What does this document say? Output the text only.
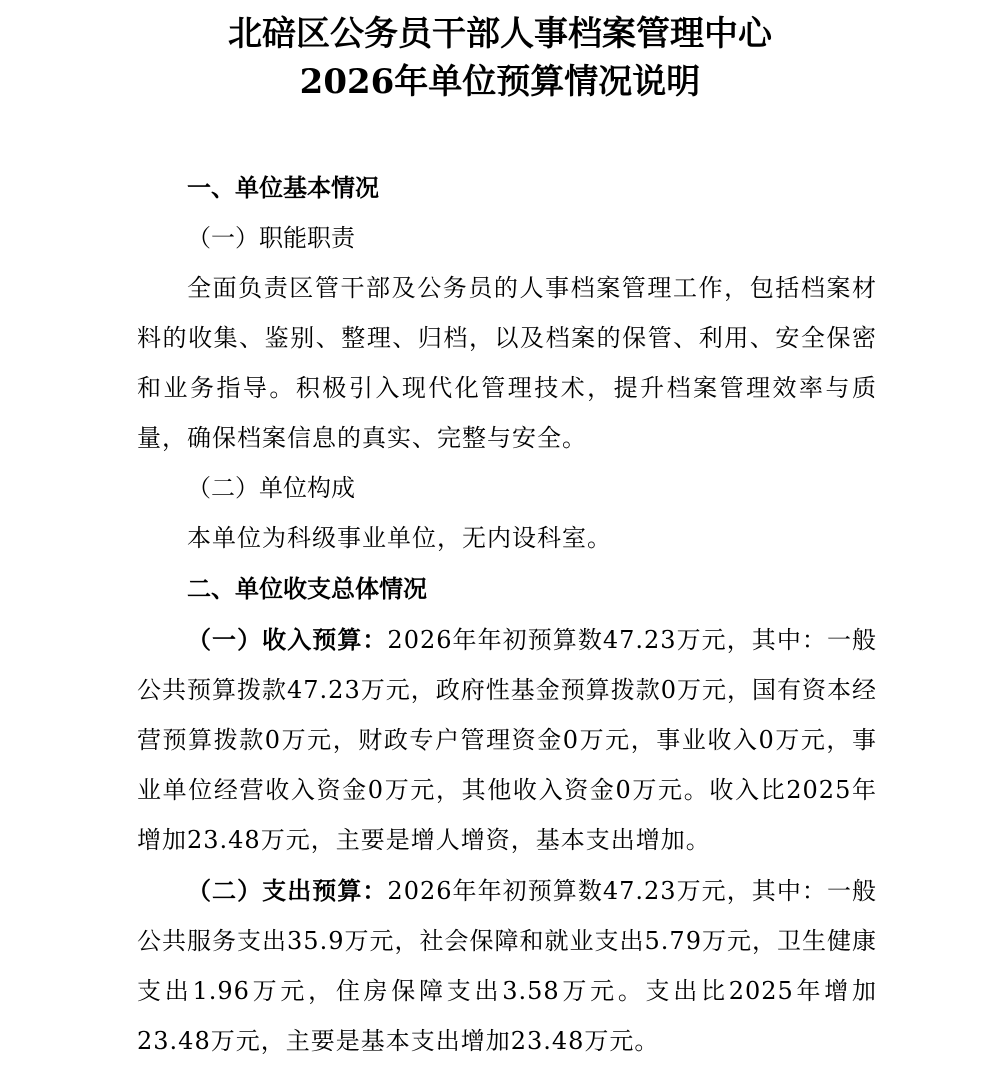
北碚区公务员干部人事档案管理中心
2026年单位预算情况说明
一、单位基本情况
（一）职能职责
全面负责区管干部及公务员的人事档案管理工作，包括档案材料的收集、鉴别、整理、归档，以及档案的保管、利用、安全保密和业务指导。积极引入现代化管理技术，提升档案管理效率与质量，确保档案信息的真实、完整与安全。
（二）单位构成
本单位为科级事业单位，无内设科室。
二、单位收支总体情况
（一）收入预算：2026年年初预算数47.23万元，其中：一般公共预算拨款47.23万元，政府性基金预算拨款0万元，国有资本经营预算拨款0万元，财政专户管理资金0万元，事业收入0万元，事业单位经营收入资金0万元，其他收入资金0万元。收入比2025年增加23.48万元，主要是增人增资，基本支出增加。
（二）支出预算：2026年年初预算数47.23万元，其中：一般公共服务支出35.9万元，社会保障和就业支出5.79万元，卫生健康支出1.96万元，住房保障支出3.58万元。支出比2025年增加23.48万元，主要是基本支出增加23.48万元。
